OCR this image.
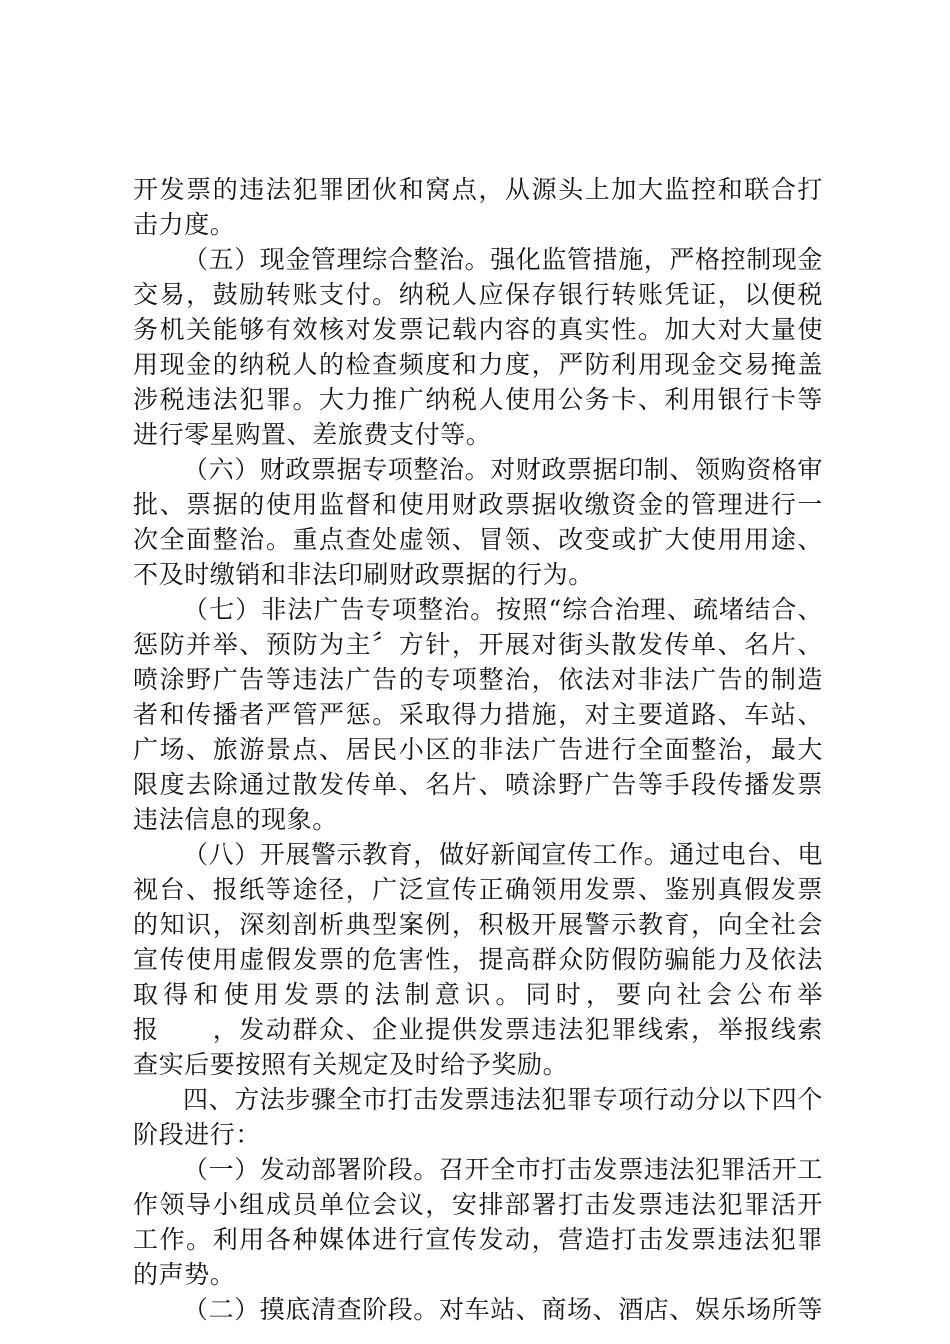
开发票的违法犯罪团伙和窝点，从源头上加大监控和联合打击力度。

（五）现金管理综合整治。强化监管措施，严格控制现金交易，鼓励转账支付。纳税人应保存银行转账凭证，以便税务机关能够有效核对发票记载内容的真实性。加大对大量使用现金的纳税人的检查频度和力度，严防利用现金交易掩盖涉税违法犯罪。大力推广纳税人使用公务卡、利用银行卡等进行零星购置、差旅费支付等。

（六）财政票据专项整治。对财政票据印制、领购资格审批、票据的使用监督和使用财政票据收缴资金的管理进行一次全面整治。重点查处虚领、冒领、改变或扩大使用用途、不及时缴销和非法印刷财政票据的行为。

（七）非法广告专项整治。按照“综合治理、疏堵结合、惩防并举、预防为主〞方针，开展对街头散发传单、名片、喷涂野广告等违法广告的专项整治，依法对非法广告的制造者和传播者严管严惩。采取得力措施，对主要道路、车站、广场、旅游景点、居民小区的非法广告进行全面整治，最大限度去除通过散发传单、名片、喷涂野广告等手段传播发票违法信息的现象。

（八）开展警示教育，做好新闻宣传工作。通过电台、电视台、报纸等途径，广泛宣传正确领用发票、鉴别真假发票的知识，深刻剖析典型案例，积极开展警示教育，向全社会宣传使用虚假发票的危害性，提高群众防假防骗能力及依法取得和使用发票的法制意识。同时，要向社会公布举报　　，发动群众、企业提供发票违法犯罪线索，举报线索查实后要按照有关规定及时给予奖励。

四、方法步骤全市打击发票违法犯罪专项行动分以下四个阶段进行：

（一）发动部署阶段。召开全市打击发票违法犯罪活开工作领导小组成员单位会议，安排部署打击发票违法犯罪活开工作。利用各种媒体进行宣传发动，营造打击发票违法犯罪的声势。

（二）摸底清查阶段。对车站、商场、酒店、娱乐场所等
